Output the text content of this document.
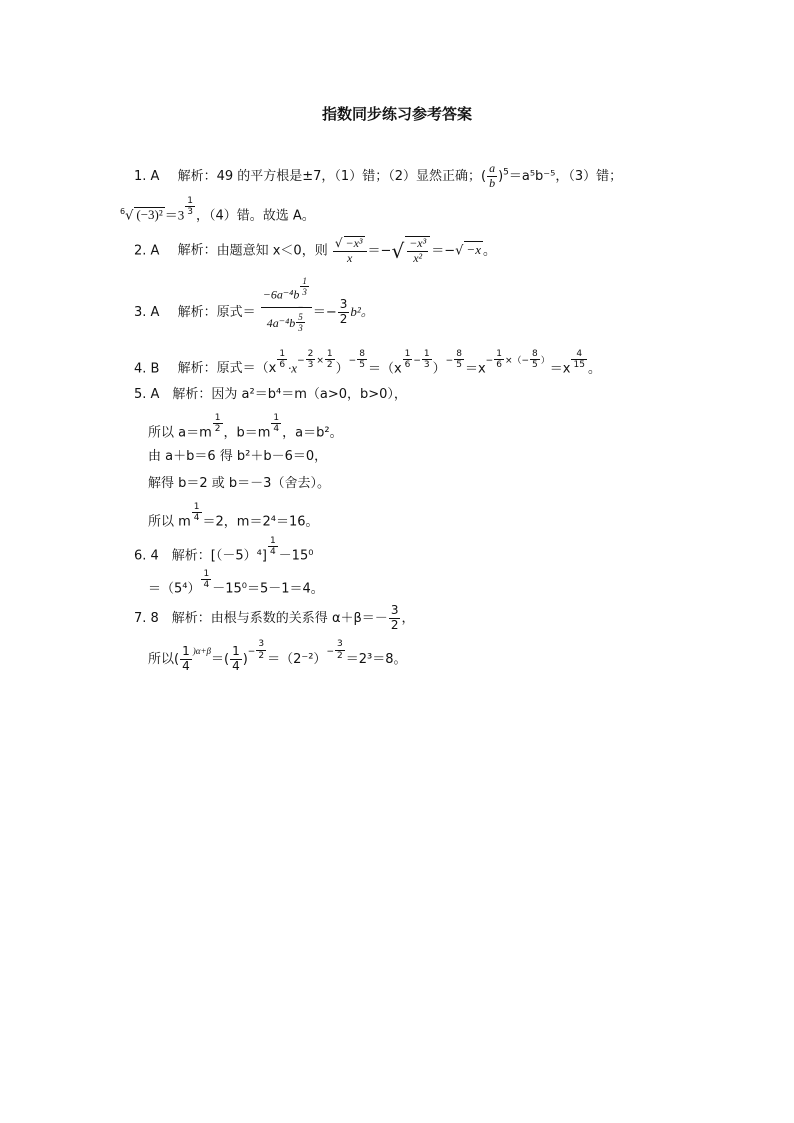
指数同步练习参考答案
1. A 解析：49 的平方根是±7，（1）错；（2）显然正确；( $\frac{a}{b} )^5=a^5b^{-5}$，（3）错；
$^6$√ $(-3)^2 =3 \frac{1}{3}$ ，（4）错。故选 A。
2. A 解析：由题意知 x＜0，则 $\frac{\text{√ −x³}}{x}$ ＝−√ $\frac{\text{−x³}}{\text{x²}}$ ＝−√ −x 。
3. A 解析：原式＝ $-6a^{-4}b \frac{1}{3}$
4a⁻⁴b−
5
$3 =- \frac{3}{2} b^2$。
4. B 解析：原式$=(x \frac{1}{6} \cdot x- \frac{2}{3} \times \frac{1}{2}$ ）− $\frac{8}{5} =(x \frac{1}{6} - \frac{1}{3}$ ）− $\frac{8}{5} =x- \frac{1}{6}$ ×（− $\frac{8}{5} )=x \frac{4}{15}$ 。
5. A　解析：因为 a²＝b⁴＝m（a>0，b>0），
所以 $a=m \frac{1}{2}$ ，$b=m \frac{1}{4}$ ，a＝b²。
由 a＋b＝6 得 b²＋b－6＝0，
解得 b＝2 或 b＝－3（舍去）。
所以 m $\frac{1}{4} =2$，m＝2⁴＝16。
6. 4　解析：$[(-5)^4] \frac{1}{4} -15^0$
$=(5^4) \frac{1}{4} -15^0=5-1=4$。
7. 8　解析：由根与系数的关系得 $\alpha+\beta=- \frac{3}{2}$ ，
所以( $\frac{1}{4} )\alpha+\beta=( \frac{1}{4}$ )− $\frac{3}{2} =(2^{-2})- \frac{3}{2} =2^3=8$。
